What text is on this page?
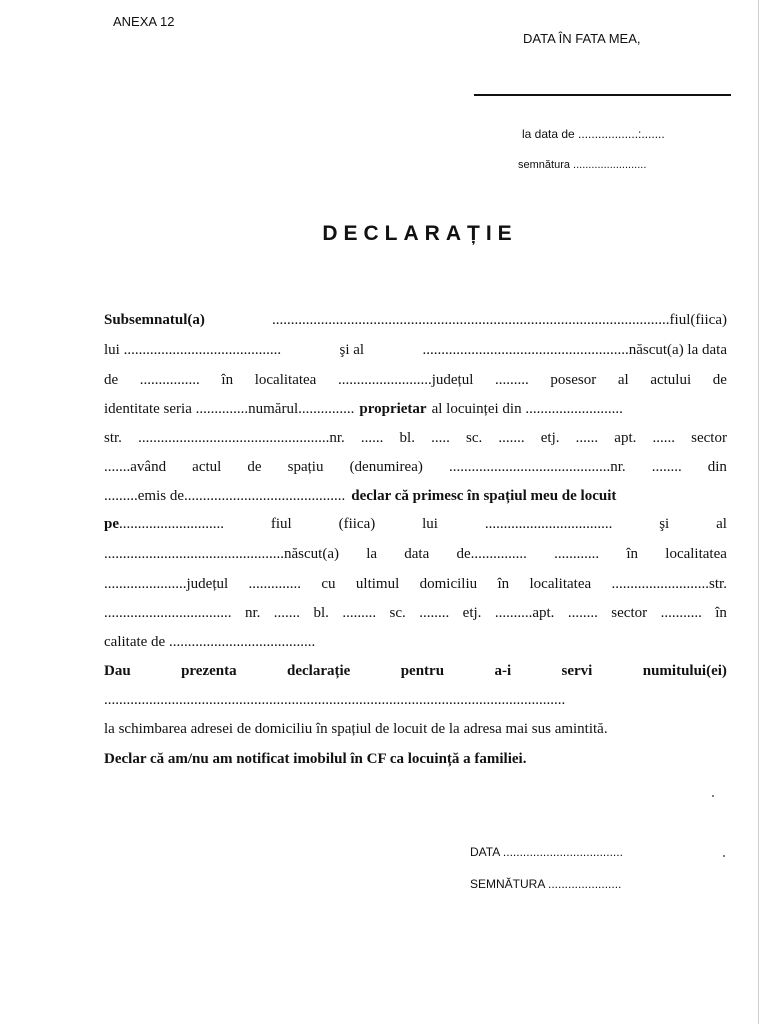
ANEXA 12
DATA ÎN FATA MEA,
la data de ..................:.......
semnătura ........................
DECLARAȚIE
Subsemnatul(a)	..........................................................................................................fiul(fiica)
lui ..........................................	şi al	.......................................................născut(a) la data
de ................ în localitatea .........................județul ......... posesor al actului de
identitate seria ..............numărul............... proprietar al locuinței din ..........................
str. ...................................................nr. ...... bl. ..... sc. ....... etj. ...... apt. ...... sector
.......având actul de spațiu (denumirea) ...........................................nr. ........ din
.........emis de........................................... declar că primesc în spațiul meu de locuit
pe............................	fiul	(fiica)	lui	..................................	şi	al
................................................născut(a) la data de............... ............ în localitatea
......................județul .............. cu ultimul domiciliu în localitatea ..........................str.
.................................. nr. ....... bl. ......... sc. ........ etj. ..........apt. ........ sector ........... în
calitate de .......................................
Dau	prezenta	declarație	pentru	a-i	servi	numitului(ei)
...........................................................................................................................
la schimbarea adresei de domiciliu în spațiul de locuit de la adresa mai sus amintită.
Declar că am/nu am notificat imobilul în CF ca locuință a familiei.
DATA ....................................
SEMNĂTURA ......................
